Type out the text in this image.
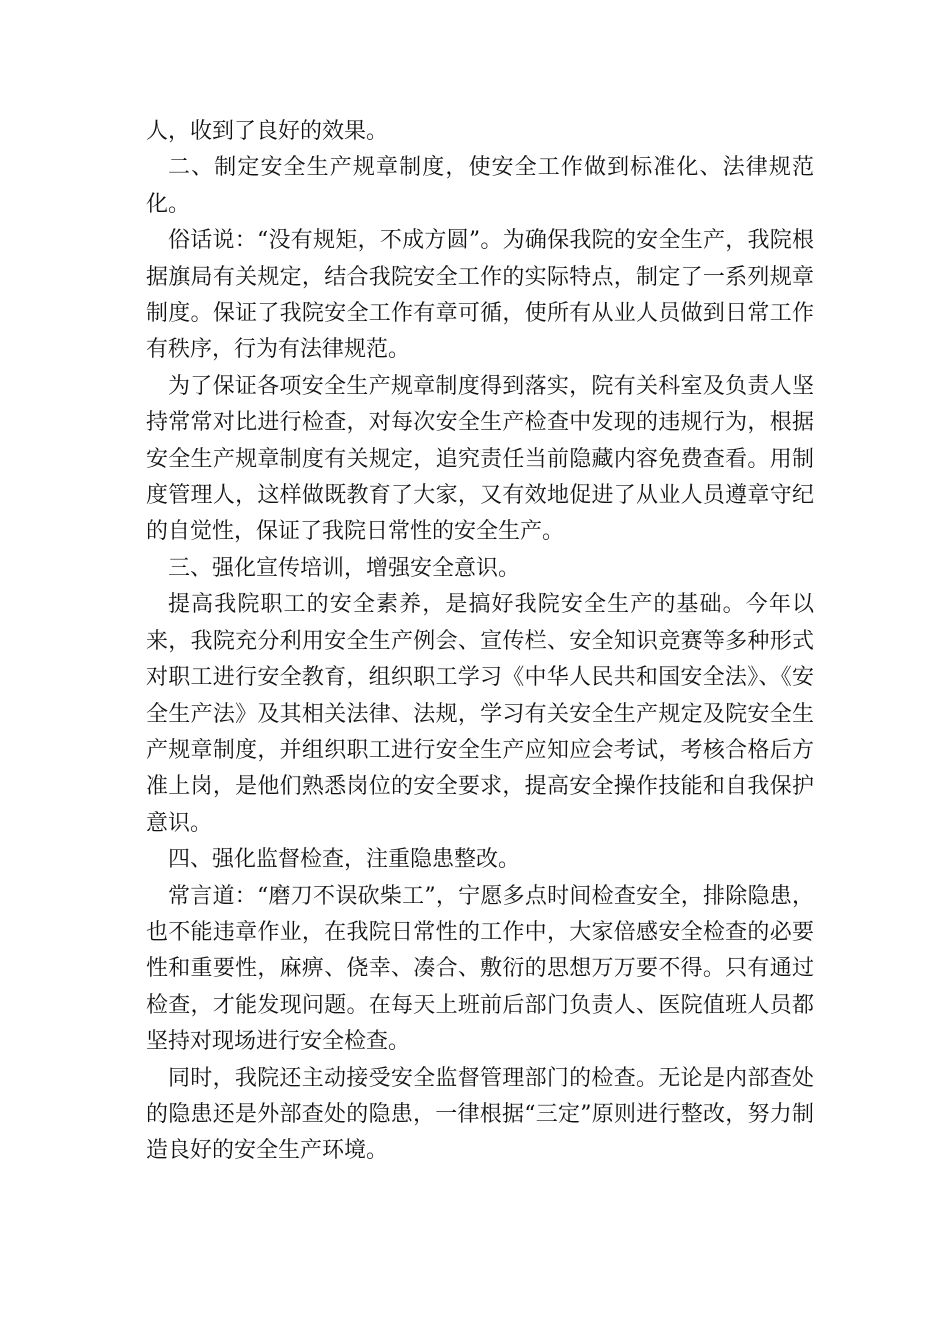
人，收到了良好的效果。

二、制定安全生产规章制度，使安全工作做到标准化、法律规范化。

俗话说：“没有规矩，不成方圆”。为确保我院的安全生产，我院根据旗局有关规定，结合我院安全工作的实际特点，制定了一系列规章制度。保证了我院安全工作有章可循，使所有从业人员做到日常工作有秩序，行为有法律规范。

为了保证各项安全生产规章制度得到落实，院有关科室及负责人坚持常常对比进行检查，对每次安全生产检查中发现的违规行为，根据安全生产规章制度有关规定，追究责任当前隐藏内容免费查看。用制度管理人，这样做既教育了大家，又有效地促进了从业人员遵章守纪的自觉性，保证了我院日常性的安全生产。

三、强化宣传培训，增强安全意识。

提高我院职工的安全素养，是搞好我院安全生产的基础。今年以来，我院充分利用安全生产例会、宣传栏、安全知识竞赛等多种形式对职工进行安全教育，组织职工学习《中华人民共和国安全法》、《安全生产法》及其相关法律、法规，学习有关安全生产规定及院安全生产规章制度，并组织职工进行安全生产应知应会考试，考核合格后方准上岗，是他们熟悉岗位的安全要求，提高安全操作技能和自我保护意识。

四、强化监督检查，注重隐患整改。

常言道：“磨刀不误砍柴工”，宁愿多点时间检查安全，排除隐患，也不能违章作业，在我院日常性的工作中，大家倍感安全检查的必要性和重要性，麻痹、侥幸、凑合、敷衍的思想万万要不得。只有通过检查，才能发现问题。在每天上班前后部门负责人、医院值班人员都坚持对现场进行安全检查。

同时，我院还主动接受安全监督管理部门的检查。无论是内部查处的隐患还是外部查处的隐患，一律根据“三定”原则进行整改，努力制造良好的安全生产环境。
